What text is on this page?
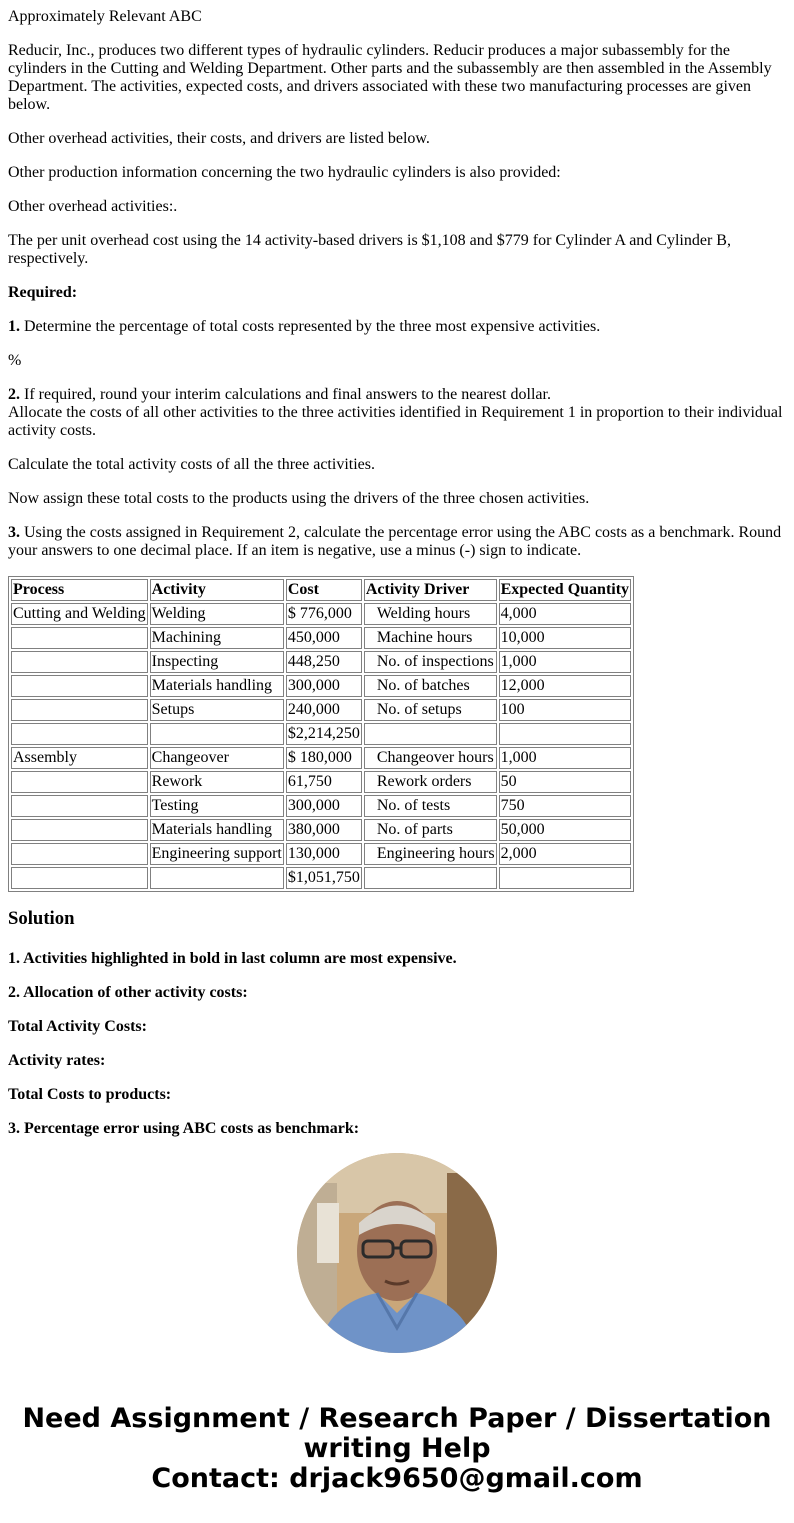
Approximately Relevant ABC

Reducir, Inc., produces two different types of hydraulic cylinders. Reducir produces a major subassembly for the cylinders in the Cutting and Welding Department. Other parts and the subassembly are then assembled in the Assembly Department. The activities, expected costs, and drivers associated with these two manufacturing processes are given below.

Other overhead activities, their costs, and drivers are listed below.

Other production information concerning the two hydraulic cylinders is also provided:

Other overhead activities:.

The per unit overhead cost using the 14 activity-based drivers is $1,108 and $779 for Cylinder A and Cylinder B, respectively.

Required:

1. Determine the percentage of total costs represented by the three most expensive activities.

%

2. If required, round your interim calculations and final answers to the nearest dollar.
Allocate the costs of all other activities to the three activities identified in Requirement 1 in proportion to their individual activity costs.

Calculate the total activity costs of all the three activities.

Now assign these total costs to the products using the drivers of the three chosen activities.

3. Using the costs assigned in Requirement 2, calculate the percentage error using the ABC costs as a benchmark. Round your answers to one decimal place. If an item is negative, use a minus (-) sign to indicate.

Process	Activity	Cost	Activity Driver	Expected Quantity
Cutting and Welding	Welding	$ 776,000	Welding hours	4,000
	Machining	450,000	Machine hours	10,000
	Inspecting	448,250	No. of inspections	1,000
	Materials handling	300,000	No. of batches	12,000
	Setups	240,000	No. of setups	100
		$2,214,250		
Assembly	Changeover	$ 180,000	Changeover hours	1,000
	Rework	61,750	Rework orders	50
	Testing	300,000	No. of tests	750
	Materials handling	380,000	No. of parts	50,000
	Engineering support	130,000	Engineering hours	2,000
		$1,051,750		
Solution

1. Activities highlighted in bold in last column are most expensive.

2. Allocation of other activity costs:

Total Activity Costs:

Activity rates:

Total Costs to products:

3. Percentage error using ABC costs as benchmark:

Need Assignment / Research Paper / Dissertation writing Help
Contact: drjack9650@gmail.com
